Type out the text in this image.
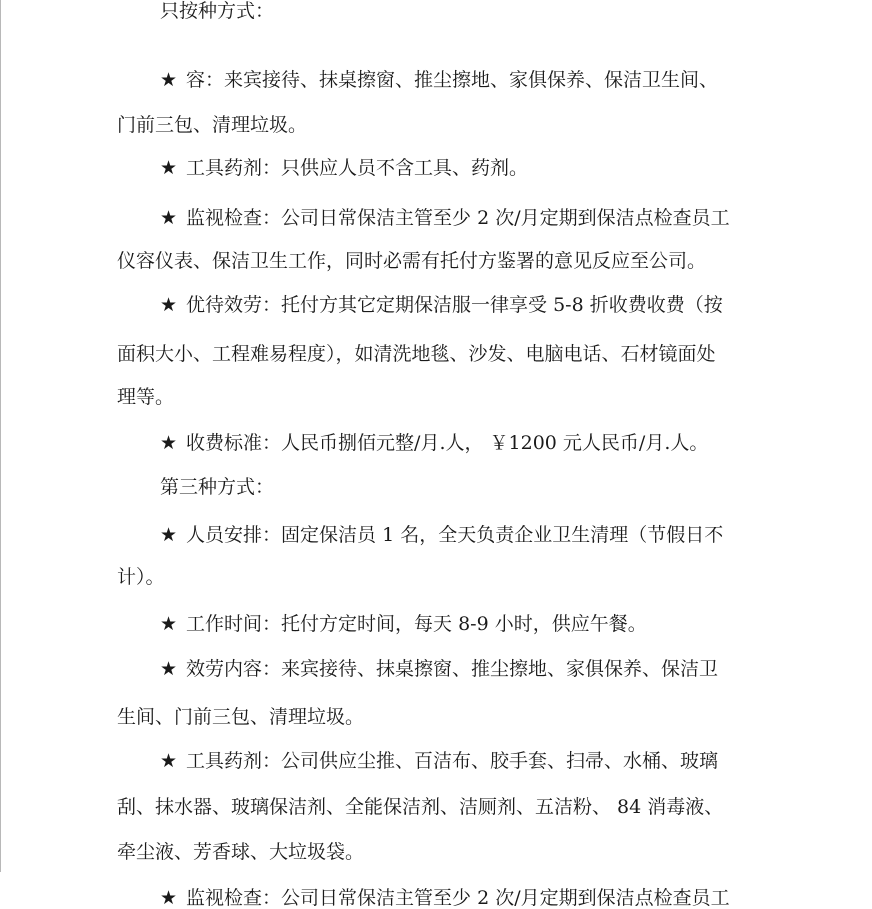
只按种方式：
★ 容：来宾接待、抹桌擦窗、推尘擦地、家俱保养、保洁卫生间、
门前三包、清理垃圾。
★ 工具药剂：只供应人员不含工具、药剂。
★ 监视检查：公司日常保洁主管至少 2 次/月定期到保洁点检查员工
仪容仪表、保洁卫生工作，同时必需有托付方鉴署的意见反应至公司。
★ 优待效劳：托付方其它定期保洁服一律享受 5-8 折收费收费（按
面积大小、工程难易程度），如清洗地毯、沙发、电脑电话、石材镜面处
理等。
★ 收费标准：人民币捌佰元整/月.人， ￥1200 元人民币/月.人。
第三种方式：
★ 人员安排：固定保洁员 1 名，全天负责企业卫生清理（节假日不
计）。
★ 工作时间：托付方定时间，每天 8-9 小时，供应午餐。
★ 效劳内容：来宾接待、抹桌擦窗、推尘擦地、家俱保养、保洁卫
生间、门前三包、清理垃圾。
★ 工具药剂：公司供应尘推、百洁布、胶手套、扫帚、水桶、玻璃
刮、抹水器、玻璃保洁剂、全能保洁剂、洁厕剂、五洁粉、 84 消毒液、
牵尘液、芳香球、大垃圾袋。
★ 监视检查：公司日常保洁主管至少 2 次/月定期到保洁点检查员工
